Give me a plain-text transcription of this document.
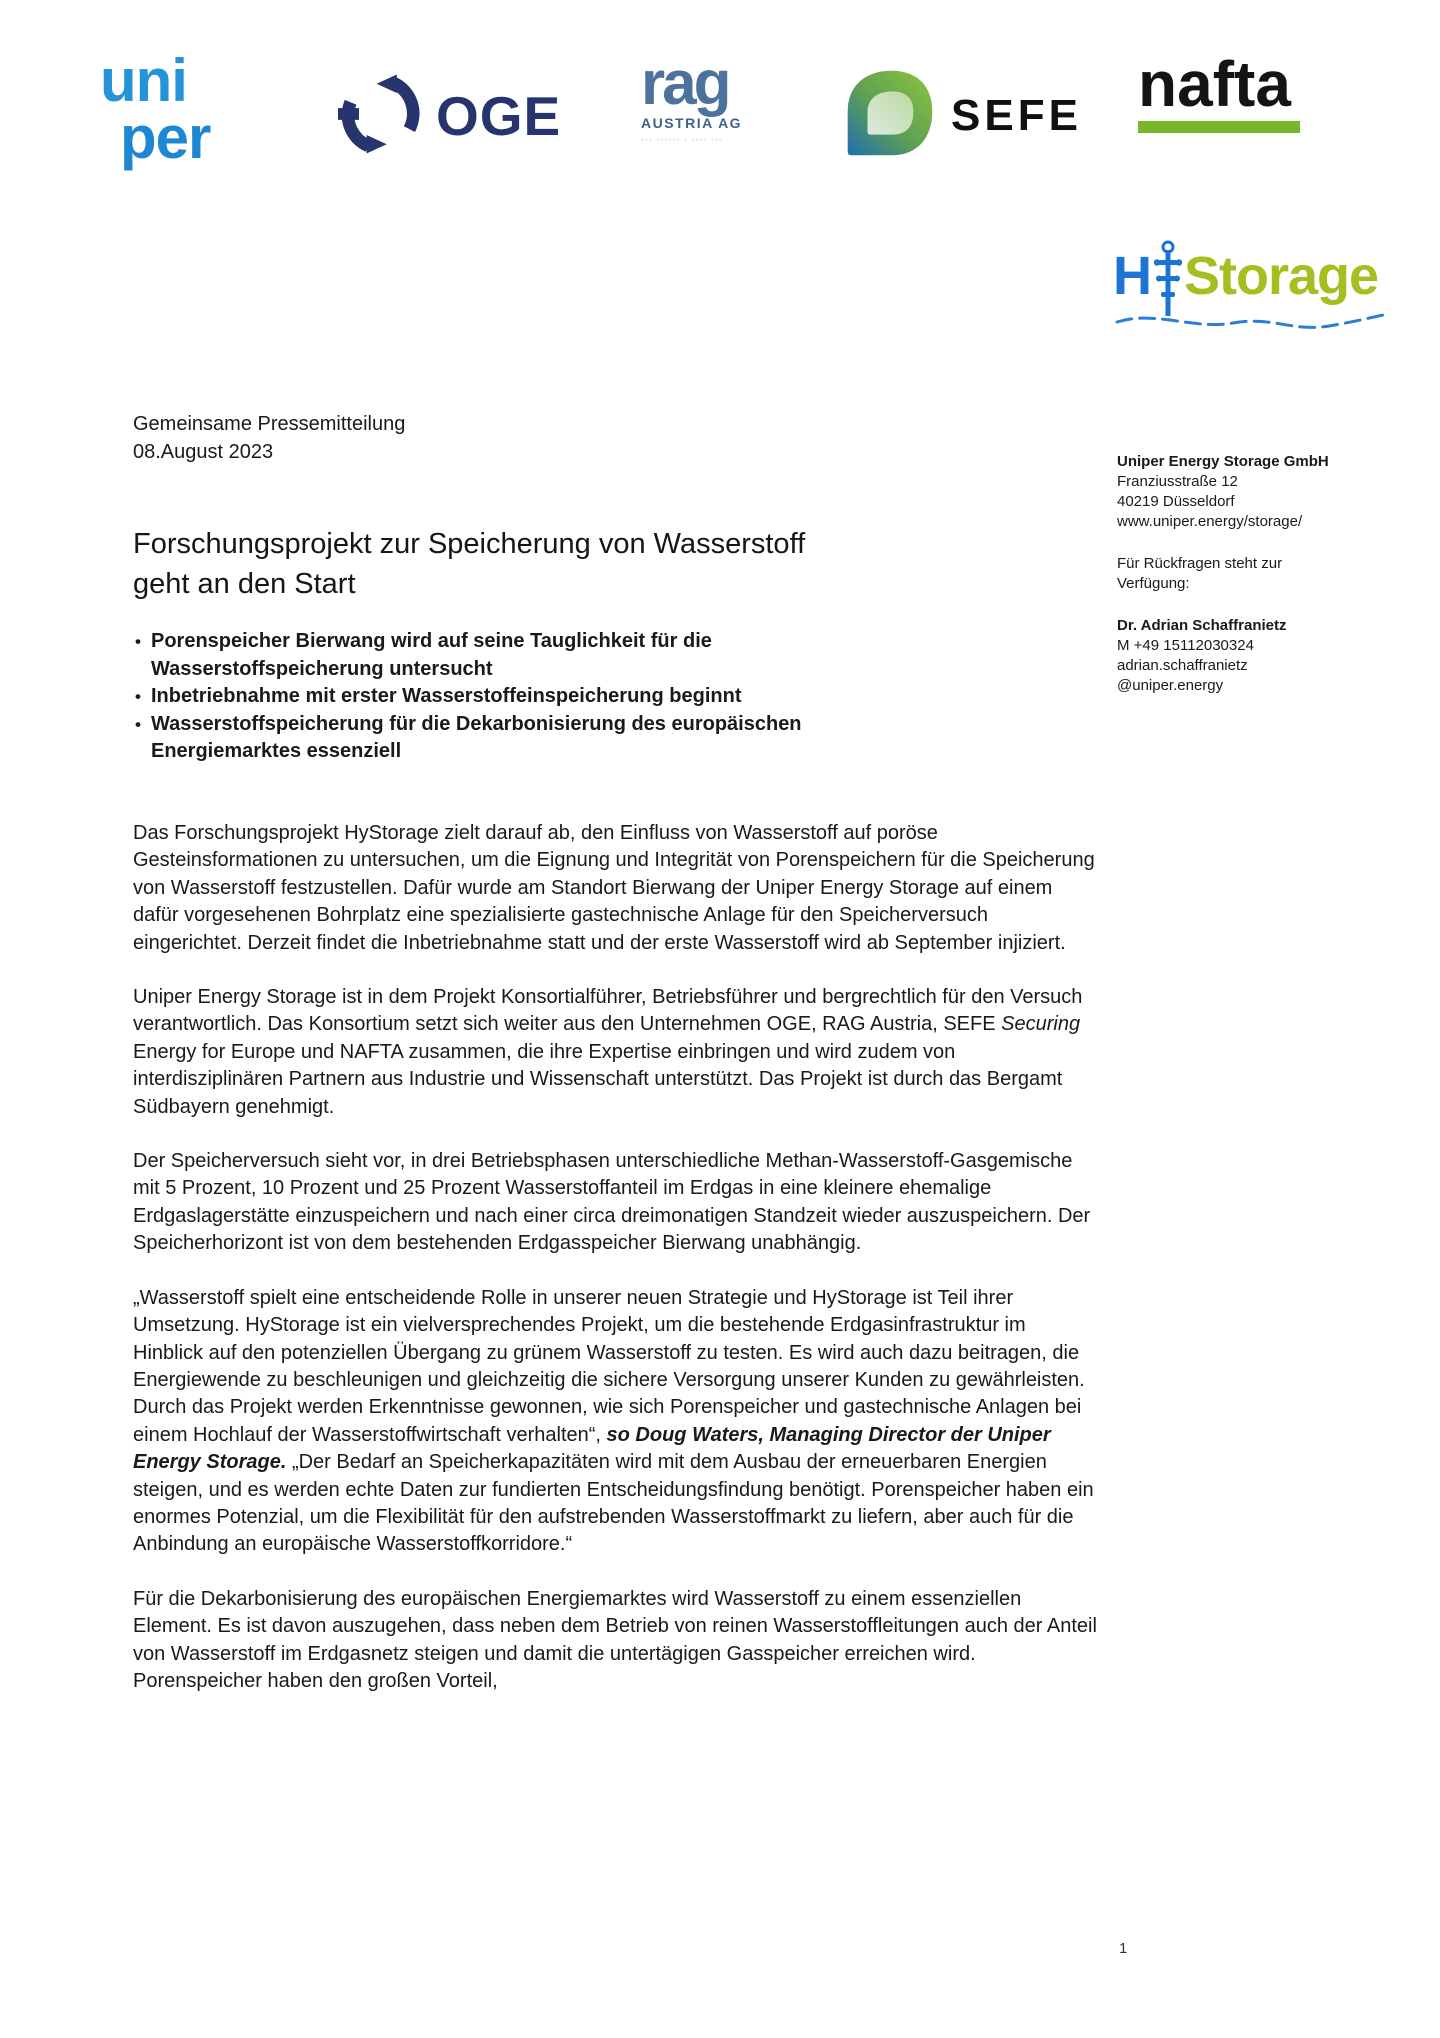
uni
per	OGE rag
AUSTRIA AG
··· ······ · ···· ···	SEFE nafta
H Storage
Gemeinsame Pressemitteilung
08.August 2023	Uniper Energy Storage GmbH
Franziusstraße 12
40219 Düsseldorf
www.uniper.energy/storage/
Für Rückfragen steht zur Verfügung:
Dr. Adrian Schaffranietz
M +49 15112030324
adrian.schaffranietz
@uniper.energy
Forschungsprojekt zur Speicherung von Wasserstoff geht an den Start
• Porenspeicher Bierwang wird auf seine Tauglichkeit für die Wasserstoffspeicherung untersucht
• Inbetriebnahme mit erster Wasserstoffeinspeicherung beginnt
• Wasserstoffspeicherung für die Dekarbonisierung des europäischen Energiemarktes essenziell

Das Forschungsprojekt HyStorage zielt darauf ab, den Einfluss von Wasserstoff auf poröse Gesteinsformationen zu untersuchen, um die Eignung und Integrität von Porenspeichern für die Speicherung von Wasserstoff festzustellen. Dafür wurde am Standort Bierwang der Uniper Energy Storage auf einem dafür vorgesehenen Bohrplatz eine spezialisierte gastechnische Anlage für den Speicherversuch eingerichtet. Derzeit findet die Inbetriebnahme statt und der erste Wasserstoff wird ab September injiziert.

Uniper Energy Storage ist in dem Projekt Konsortialführer, Betriebsführer und bergrechtlich für den Versuch verantwortlich. Das Konsortium setzt sich weiter aus den Unternehmen OGE, RAG Austria, SEFE Securing Energy for Europe und NAFTA zusammen, die ihre Expertise einbringen und wird zudem von interdisziplinären Partnern aus Industrie und Wissenschaft unterstützt. Das Projekt ist durch das Bergamt Südbayern genehmigt.

Der Speicherversuch sieht vor, in drei Betriebsphasen unterschiedliche Methan-Wasserstoff-Gasgemische mit 5 Prozent, 10 Prozent und 25 Prozent Wasserstoffanteil im Erdgas in eine kleinere ehemalige Erdgaslagerstätte einzuspeichern und nach einer circa dreimonatigen Standzeit wieder auszuspeichern. Der Speicherhorizont ist von dem bestehenden Erdgasspeicher Bierwang unabhängig.

„Wasserstoff spielt eine entscheidende Rolle in unserer neuen Strategie und HyStorage ist Teil ihrer Umsetzung. HyStorage ist ein vielversprechendes Projekt, um die bestehende Erdgasinfrastruktur im Hinblick auf den potenziellen Übergang zu grünem Wasserstoff zu testen. Es wird auch dazu beitragen, die Energiewende zu beschleunigen und gleichzeitig die sichere Versorgung unserer Kunden zu gewährleisten. Durch das Projekt werden Erkenntnisse gewonnen, wie sich Porenspeicher und gastechnische Anlagen bei einem Hochlauf der Wasserstoffwirtschaft verhalten“, so Doug Waters, Managing Director der Uniper Energy Storage. „Der Bedarf an Speicherkapazitäten wird mit dem Ausbau der erneuerbaren Energien steigen, und es werden echte Daten zur fundierten Entscheidungsfindung benötigt. Porenspeicher haben ein enormes Potenzial, um die Flexibilität für den aufstrebenden Wasserstoffmarkt zu liefern, aber auch für die Anbindung an europäische Wasserstoffkorridore.“

Für die Dekarbonisierung des europäischen Energiemarktes wird Wasserstoff zu einem essenziellen Element. Es ist davon auszugehen, dass neben dem Betrieb von reinen Wasserstoffleitungen auch der Anteil von Wasserstoff im Erdgasnetz steigen und damit die untertägigen Gasspeicher erreichen wird. Porenspeicher haben den großen Vorteil,

1
